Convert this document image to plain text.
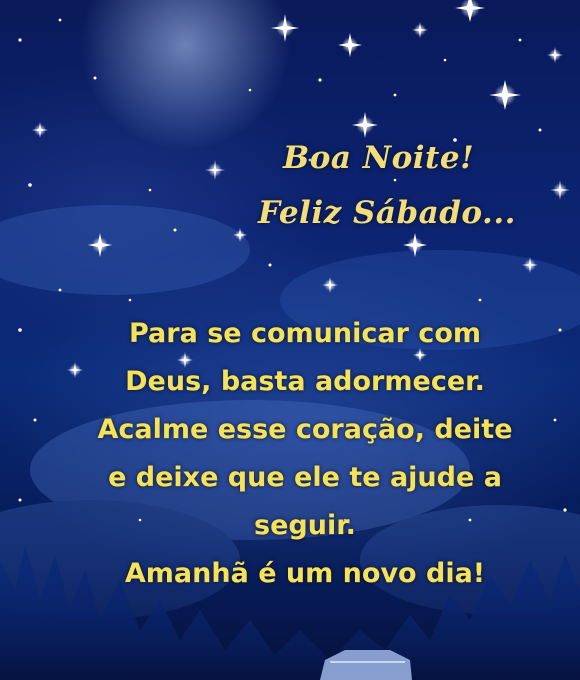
Boa Noite!
Feliz Sábado...
Para se comunicar com
Deus, basta adormecer.
Acalme esse coração, deite
e deixe que ele te ajude a
seguir.
Amanhã é um novo dia!
